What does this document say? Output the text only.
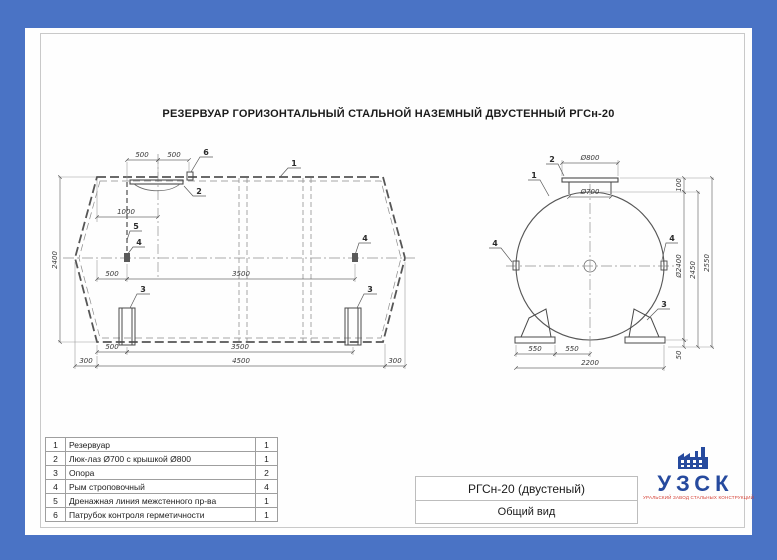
РЕЗЕРВУАР ГОРИЗОНТАЛЬНЫЙ СТАЛЬНОЙ НАЗЕМНЫЙ ДВУСТЕННЫЙ РГСн-20
500	500
1000
2400
500	3500
500	3500
300	4500	300
1
2
6
5
4	4
3	3
Ø800
Ø700
100
Ø2400
50
2450 2550
550	550
2200
2
1
4
4
3
1	Резервуар	1
2	Люк-лаз Ø700 с крышкой Ø800	1
3	Опора	2
4	Рым строповочный	4
5	Дренажная линия межстенного пр-ва	1
6	Патрубок контроля герметичности	1
РГСн-20 (двустеный)
Общий вид
УЗСК
УРАЛЬСКИЙ ЗАВОД СТАЛЬНЫХ КОНСТРУКЦИЙ
